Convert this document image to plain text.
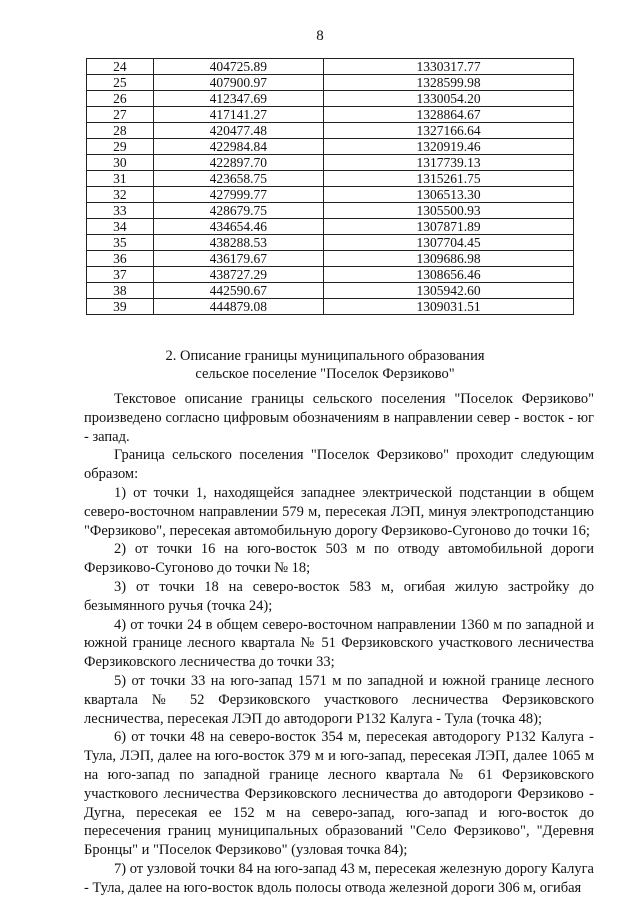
8
24	404725.89	1330317.77
25	407900.97	1328599.98
26	412347.69	1330054.20
27	417141.27	1328864.67
28	420477.48	1327166.64
29	422984.84	1320919.46
30	422897.70	1317739.13
31	423658.75	1315261.75
32	427999.77	1306513.30
33	428679.75	1305500.93
34	434654.46	1307871.89
35	438288.53	1307704.45
36	436179.67	1309686.98
37	438727.29	1308656.46
38	442590.67	1305942.60
39	444879.08	1309031.51
2. Описание границы муниципального образования
сельское поселение "Поселок Ферзиково"

Текстовое описание границы сельского поселения "Поселок Ферзиково" произведено согласно цифровым обозначениям в направлении север - восток - юг - запад.

Граница сельского поселения "Поселок Ферзиково" проходит следующим образом:

1) от точки 1, находящейся западнее электрической подстанции в общем северо-восточном направлении 579 м, пересекая ЛЭП, минуя электроподстанцию "Ферзиково", пересекая автомобильную дорогу Ферзиково-Сугоново до точки 16;

2) от точки 16 на юго-восток 503 м по отводу автомобильной дороги Ферзиково-Сугоново до точки № 18;

3) от точки 18 на северо-восток 583 м, огибая жилую застройку до безымянного ручья (точка 24);

4) от точки 24 в общем северо-восточном направлении 1360 м по западной и южной границе лесного квартала № 51 Ферзиковского участкового лесничества Ферзиковского лесничества до точки 33;

5) от точки 33 на юго-запад 1571 м по западной и южной границе лесного квартала № 52 Ферзиковского участкового лесничества Ферзиковского лесничества, пересекая ЛЭП до автодороги Р132 Калуга - Тула (точка 48);

6) от точки 48 на северо-восток 354 м, пересекая автодорогу Р132 Калуга - Тула, ЛЭП, далее на юго-восток 379 м и юго-запад, пересекая ЛЭП, далее 1065 м на юго-запад по западной границе лесного квартала № 61 Ферзиковского участкового лесничества Ферзиковского лесничества до автодороги Ферзиково - Дугна, пересекая ее 152 м на северо-запад, юго-запад и юго-восток до пересечения границ муниципальных образований "Село Ферзиково", "Деревня Бронцы" и "Поселок Ферзиково" (узловая точка 84);

7) от узловой точки 84 на юго-запад 43 м, пересекая железную дорогу Калуга - Тула, далее на юго-восток вдоль полосы отвода железной дороги 306 м, огибая
